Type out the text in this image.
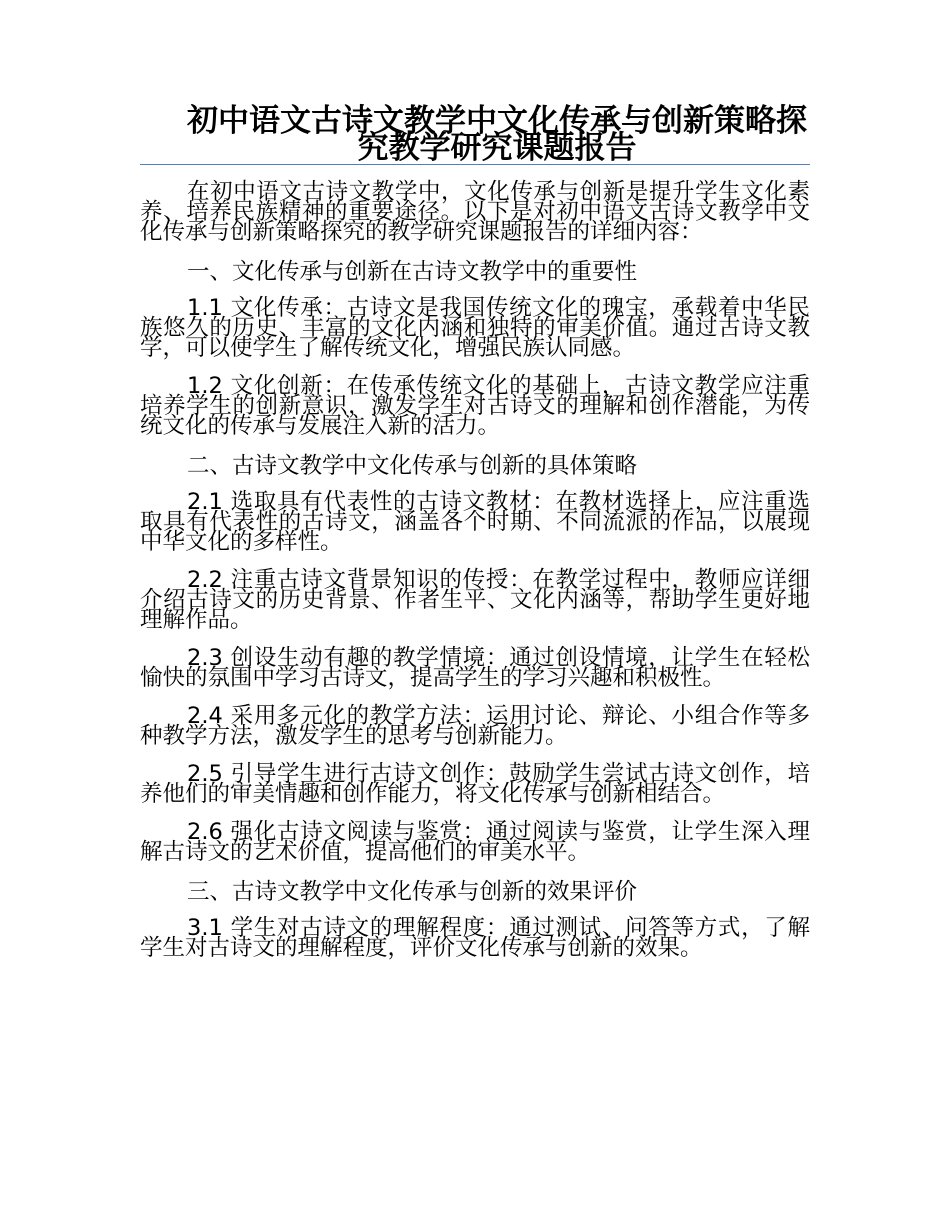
初中语文古诗文教学中文化传承与创新策略探究教学研究课题报告

在初中语文古诗文教学中，文化传承与创新是提升学生文化素养、培养民族精神的重要途径。以下是对初中语文古诗文教学中文化传承与创新策略探究的教学研究课题报告的详细内容：

一、文化传承与创新在古诗文教学中的重要性

1.1 文化传承：古诗文是我国传统文化的瑰宝，承载着中华民族悠久的历史、丰富的文化内涵和独特的审美价值。通过古诗文教学，可以使学生了解传统文化，增强民族认同感。

1.2 文化创新：在传承传统文化的基础上，古诗文教学应注重培养学生的创新意识，激发学生对古诗文的理解和创作潜能，为传统文化的传承与发展注入新的活力。

二、古诗文教学中文化传承与创新的具体策略

2.1 选取具有代表性的古诗文教材：在教材选择上，应注重选取具有代表性的古诗文，涵盖各个时期、不同流派的作品，以展现中华文化的多样性。

2.2 注重古诗文背景知识的传授：在教学过程中，教师应详细介绍古诗文的历史背景、作者生平、文化内涵等，帮助学生更好地理解作品。

2.3 创设生动有趣的教学情境：通过创设情境，让学生在轻松愉快的氛围中学习古诗文，提高学生的学习兴趣和积极性。

2.4 采用多元化的教学方法：运用讨论、辩论、小组合作等多种教学方法，激发学生的思考与创新能力。

2.5 引导学生进行古诗文创作：鼓励学生尝试古诗文创作，培养他们的审美情趣和创作能力，将文化传承与创新相结合。

2.6 强化古诗文阅读与鉴赏：通过阅读与鉴赏，让学生深入理解古诗文的艺术价值，提高他们的审美水平。

三、古诗文教学中文化传承与创新的效果评价

3.1 学生对古诗文的理解程度：通过测试、问答等方式，了解学生对古诗文的理解程度，评价文化传承与创新的效果。
